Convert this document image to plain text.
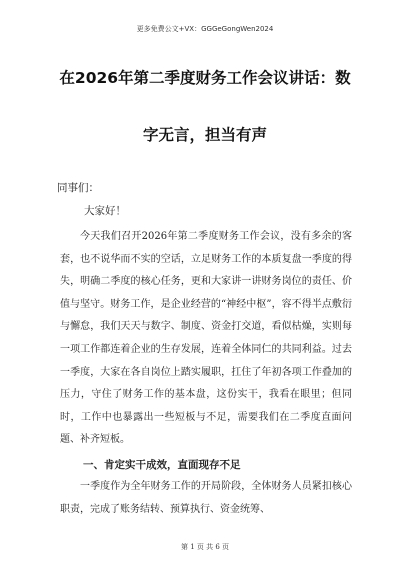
更多免费公文+VX：GGGeGongWen2024
在2026年第二季度财务工作会议讲话：数
字无言，担当有声
同事们：
大家好！

今天我们召开2026年第二季度财务工作会议，没有多余的客套，也不说华而不实的空话，立足财务工作的本质复盘一季度的得失，明确二季度的核心任务，更和大家讲一讲财务岗位的责任、价值与坚守。财务工作，是企业经营的“神经中枢”，容不得半点敷衍与懈怠，我们天天与数字、制度、资金打交道，看似枯燥，实则每一项工作都连着企业的生存发展，连着全体同仁的共同利益。过去一季度，大家在各自岗位上踏实履职，扛住了年初各项工作叠加的压力，守住了财务工作的基本盘，这份实干，我看在眼里；但同时，工作中也暴露出一些短板与不足，需要我们在二季度直面问题、补齐短板。

一、肯定实干成效，直面现存不足

一季度作为全年财务工作的开局阶段，全体财务人员紧扣核心职责，完成了账务结转、预算执行、资金统筹、

第 1 页 共 6 页
